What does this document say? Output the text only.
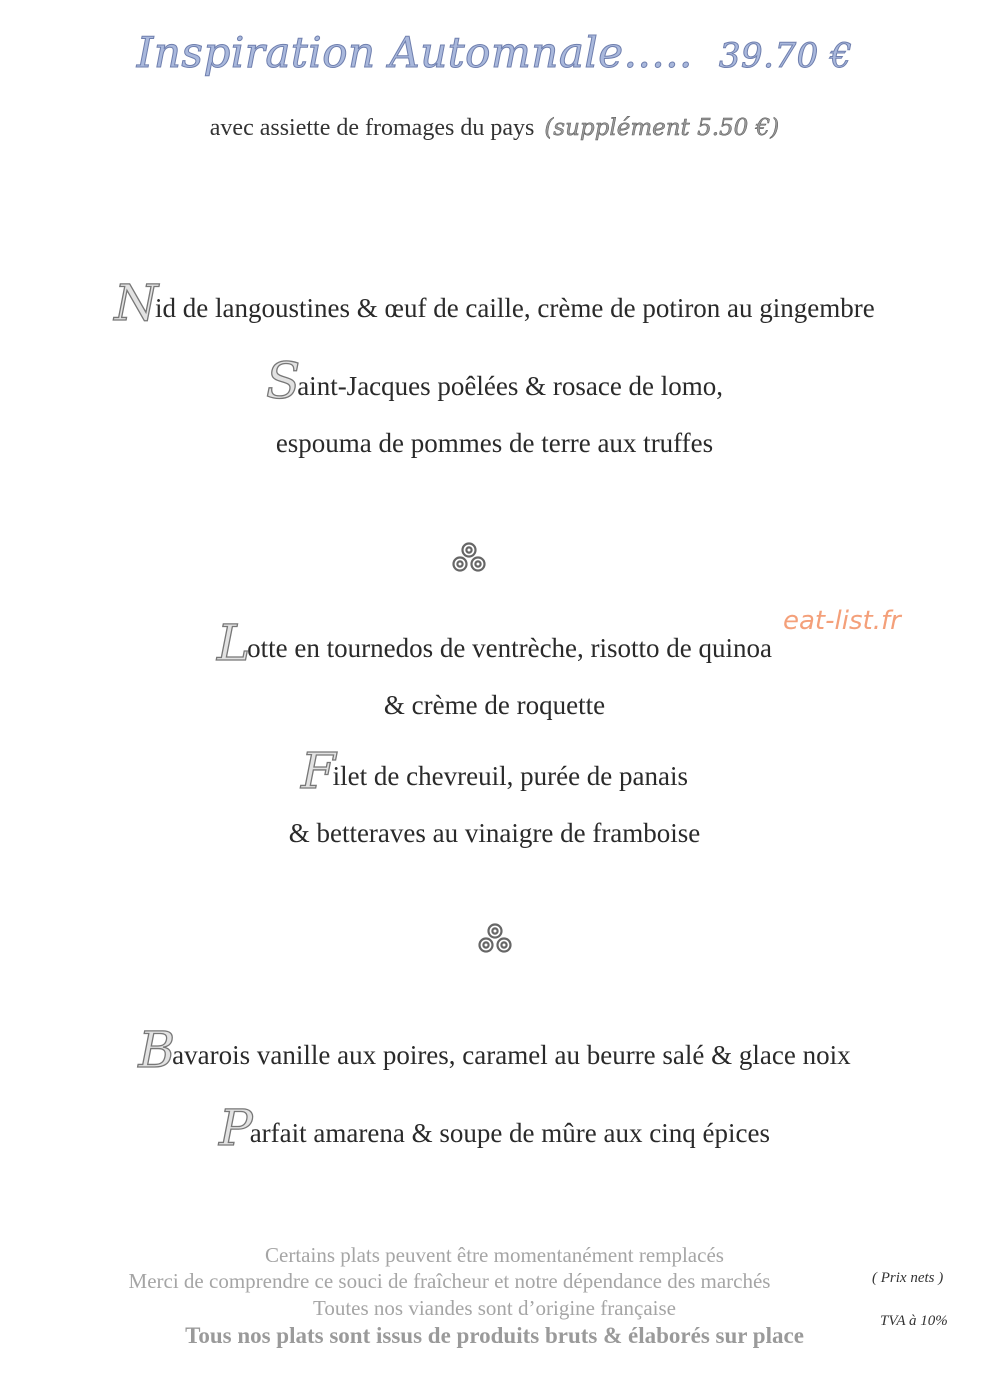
Inspiration Automnale..... 39.70 €
avec assiette de fromages du pays (supplément 5.50 €)
Nid de langoustines & œuf de caille, crème de potiron au gingembre
Saint-Jacques poêlées & rosace de lomo,
espouma de pommes de terre aux truffes
eat-list.fr
Lotte en tournedos de ventrèche, risotto de quinoa
& crème de roquette
Filet de chevreuil, purée de panais
& betteraves au vinaigre de framboise
Bavarois vanille aux poires, caramel au beurre salé & glace noix
Parfait amarena & soupe de mûre aux cinq épices
Certains plats peuvent être momentanément remplacés
Merci de comprendre ce souci de fraîcheur et notre dépendance des marchés
Toutes nos viandes sont d’origine française
Tous nos plats sont issus de produits bruts & élaborés sur place
( Prix nets )
TVA à 10%
